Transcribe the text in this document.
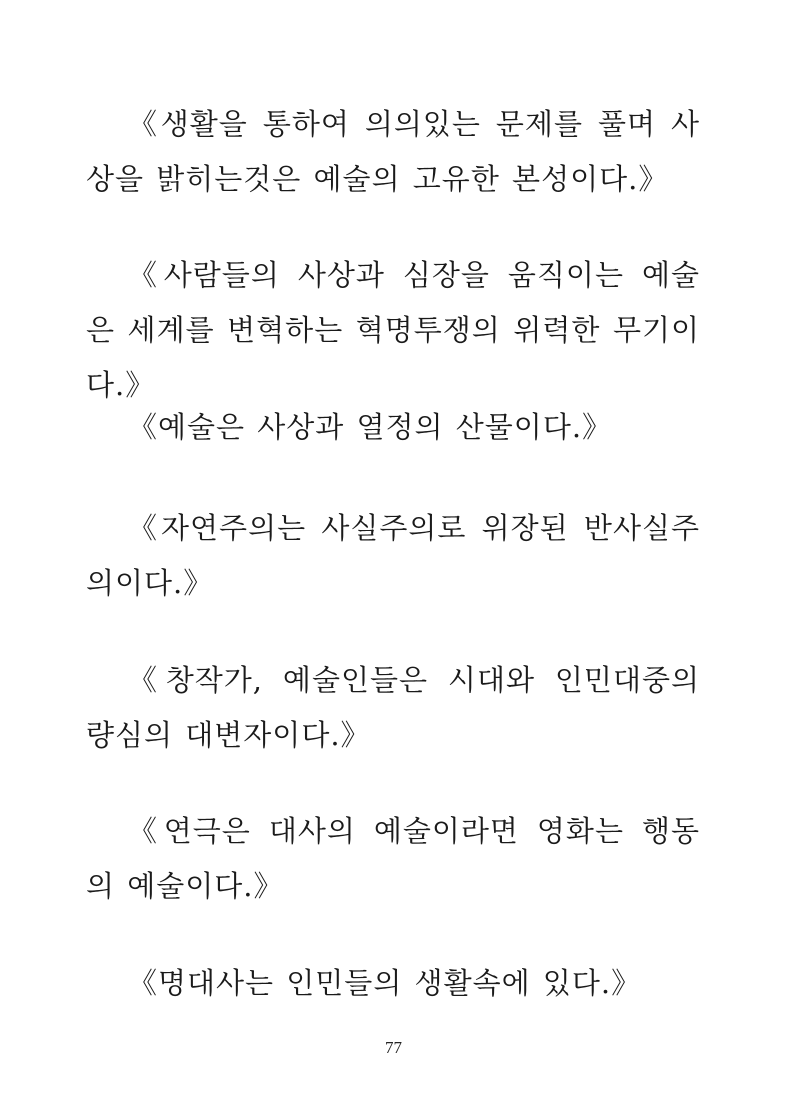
《생활을 통하여 의의있는 문제를 풀며 사상을 밝히는것은 예술의 고유한 본성이다.》

《사람들의 사상과 심장을 움직이는 예술은 세계를 변혁하는 혁명투쟁의 위력한 무기이다.》

《예술은 사상과 열정의 산물이다.》

《자연주의는 사실주의로 위장된 반사실주의이다.》

《창작가, 예술인들은 시대와 인민대중의 량심의 대변자이다.》

《연극은 대사의 예술이라면 영화는 행동의 예술이다.》

《명대사는 인민들의 생활속에 있다.》

77
